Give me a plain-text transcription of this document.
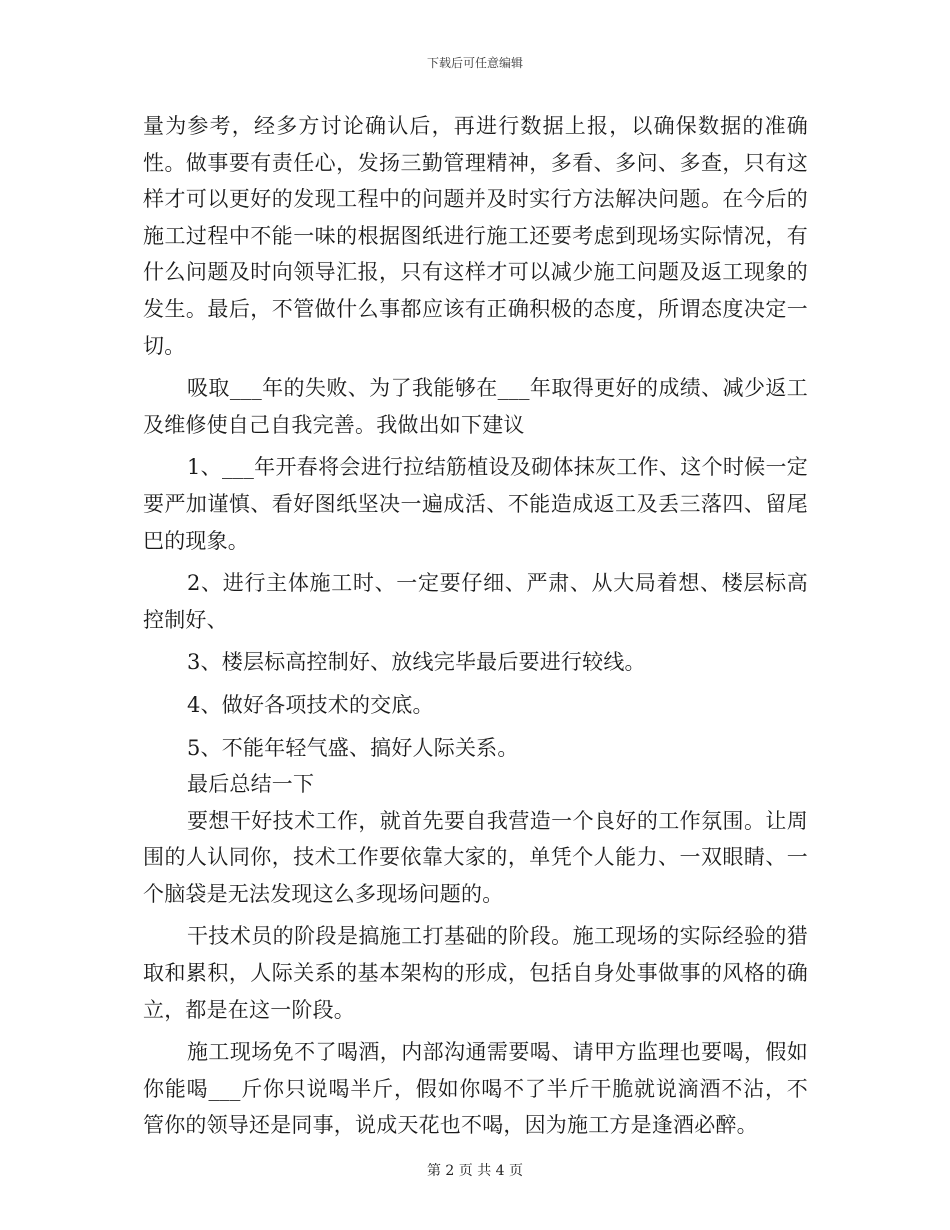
下载后可任意编辑

量为参考，经多方讨论确认后，再进行数据上报，以确保数据的准确性。做事要有责任心，发扬三勤管理精神，多看、多问、多查，只有这样才可以更好的发现工程中的问题并及时实行方法解决问题。在今后的施工过程中不能一味的根据图纸进行施工还要考虑到现场实际情况，有什么问题及时向领导汇报，只有这样才可以减少施工问题及返工现象的发生。最后，不管做什么事都应该有正确积极的态度，所谓态度决定一切。

吸取___年的失败、为了我能够在___年取得更好的成绩、减少返工及维修使自己自我完善。我做出如下建议

1、___年开春将会进行拉结筋植设及砌体抹灰工作、这个时候一定要严加谨慎、看好图纸坚决一遍成活、不能造成返工及丢三落四、留尾巴的现象。

2、进行主体施工时、一定要仔细、严肃、从大局着想、楼层标高控制好、

3、楼层标高控制好、放线完毕最后要进行较线。

4、做好各项技术的交底。

5、不能年轻气盛、搞好人际关系。

最后总结一下

要想干好技术工作，就首先要自我营造一个良好的工作氛围。让周围的人认同你，技术工作要依靠大家的，单凭个人能力、一双眼睛、一个脑袋是无法发现这么多现场问题的。

干技术员的阶段是搞施工打基础的阶段。施工现场的实际经验的猎取和累积，人际关系的基本架构的形成，包括自身处事做事的风格的确立，都是在这一阶段。

施工现场免不了喝酒，内部沟通需要喝、请甲方监理也要喝，假如你能喝___斤你只说喝半斤，假如你喝不了半斤干脆就说滴酒不沾，不管你的领导还是同事，说成天花也不喝，因为施工方是逢酒必醉。

第 2 页 共 4 页
